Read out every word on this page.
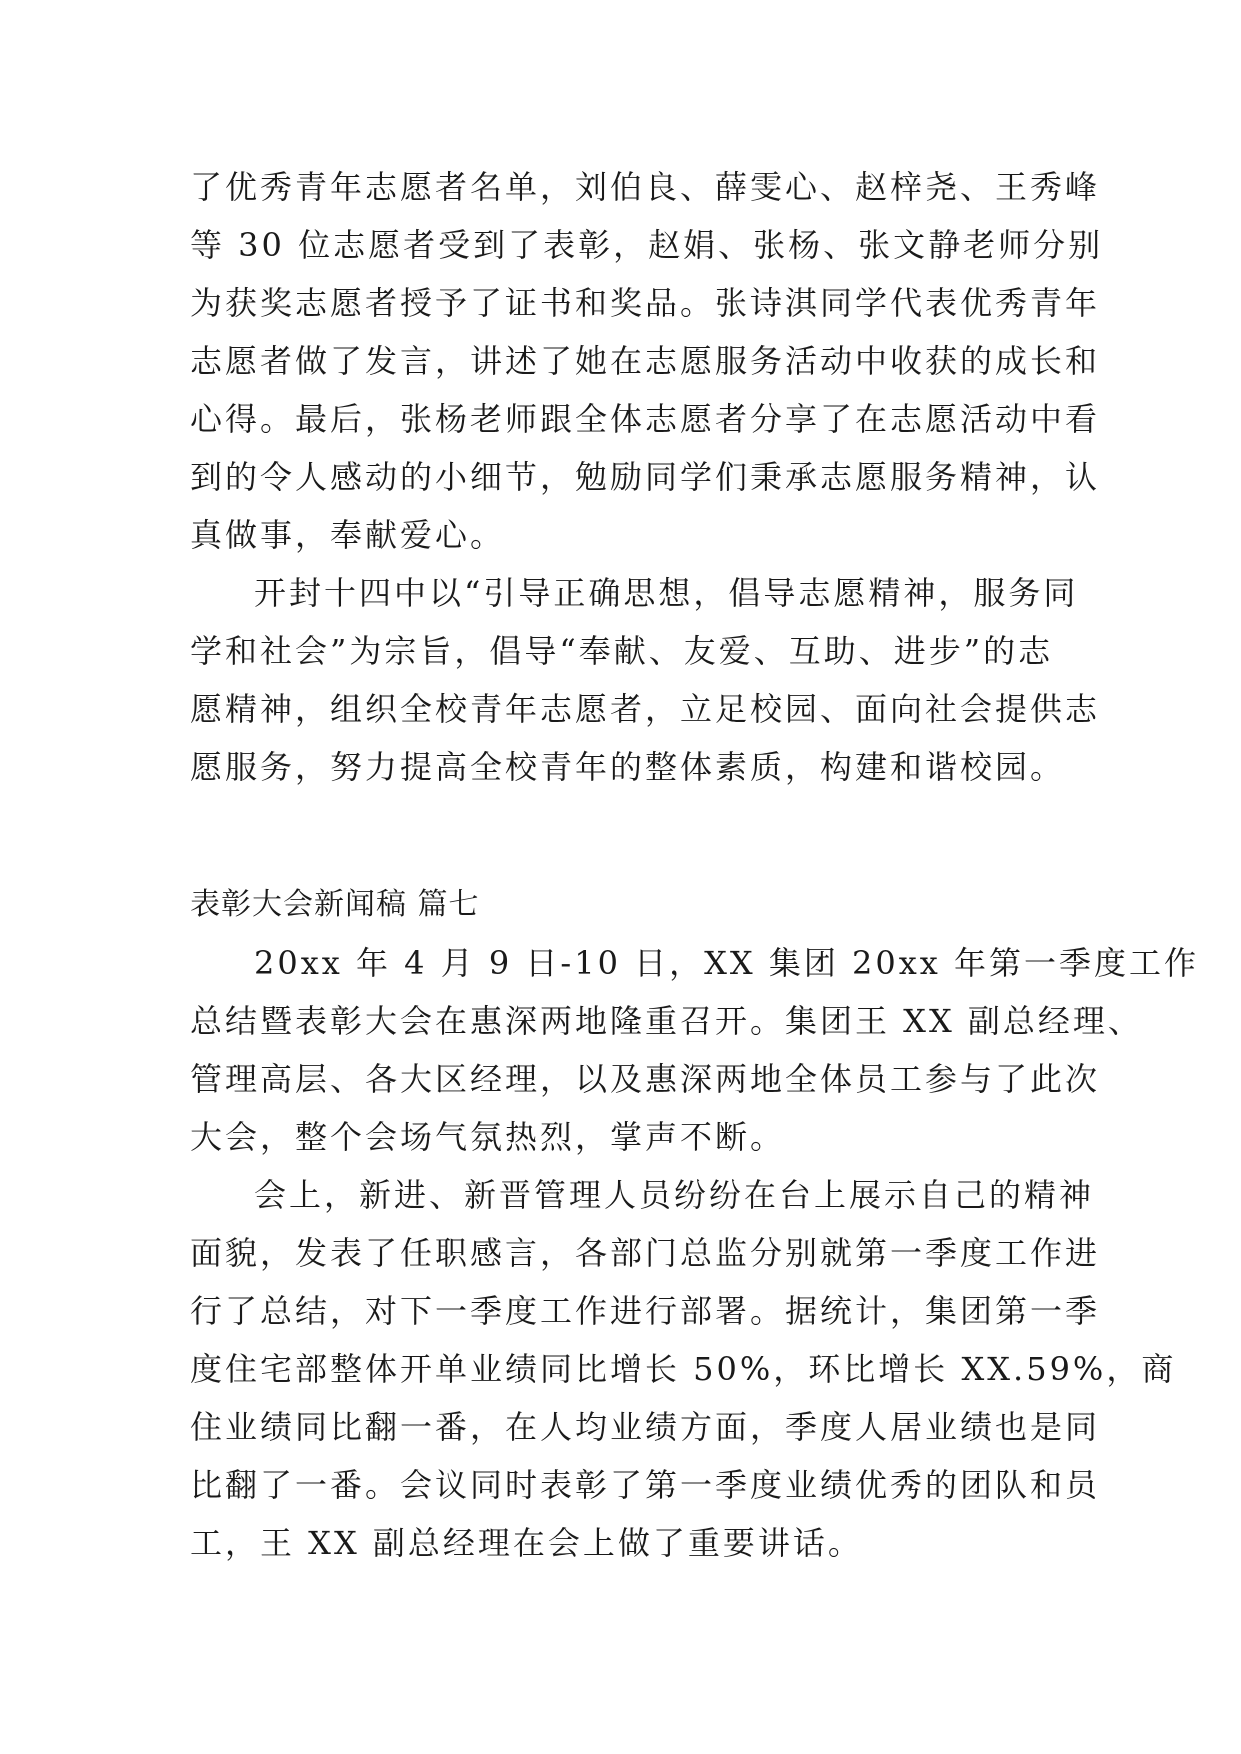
了优秀青年志愿者名单，刘伯良、薛雯心、赵梓尧、王秀峰
等 30 位志愿者受到了表彰，赵娟、张杨、张文静老师分别
为获奖志愿者授予了证书和奖品。张诗淇同学代表优秀青年
志愿者做了发言，讲述了她在志愿服务活动中收获的成长和
心得。最后，张杨老师跟全体志愿者分享了在志愿活动中看
到的令人感动的小细节，勉励同学们秉承志愿服务精神，认
真做事，奉献爱心。
开封十四中以“引导正确思想，倡导志愿精神，服务同
学和社会”为宗旨，倡导“奉献、友爱、互助、进步”的志
愿精神，组织全校青年志愿者，立足校园、面向社会提供志
愿服务，努力提高全校青年的整体素质，构建和谐校园。
表彰大会新闻稿 篇七
20xx 年 4 月 9 日-10 日，XX 集团 20xx 年第一季度工作
总结暨表彰大会在惠深两地隆重召开。集团王 XX 副总经理、
管理高层、各大区经理，以及惠深两地全体员工参与了此次
大会，整个会场气氛热烈，掌声不断。
会上，新进、新晋管理人员纷纷在台上展示自己的精神
面貌，发表了任职感言，各部门总监分别就第一季度工作进
行了总结，对下一季度工作进行部署。据统计，集团第一季
度住宅部整体开单业绩同比增长 50%，环比增长 XX.59%，商
住业绩同比翻一番，在人均业绩方面，季度人居业绩也是同
比翻了一番。会议同时表彰了第一季度业绩优秀的团队和员
工，王 XX 副总经理在会上做了重要讲话。
